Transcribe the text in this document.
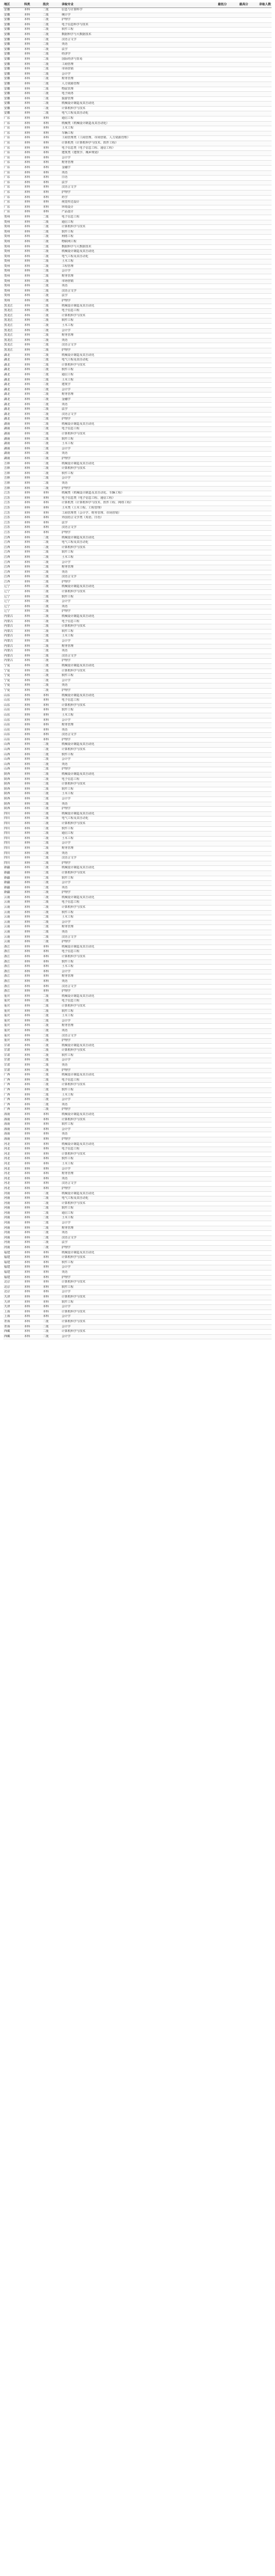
地区	科类	批次	录取专业	最低分	最高分	录取人数
安徽	本科	二批	信息与计算科学			
安徽	本科	二批	统计学			
安徽	本科	二批	护理学			
安徽	本科	二批	电子信息科学与技术			
安徽	本科	二批	软件工程			
安徽	本科	二批	数据科学与大数据技术			
安徽	本科	二批	汉语言文学			
安徽	本科	二批	英语			
安徽	本科	二批	法学			
安徽	本科	二批	经济学			
安徽	本科	二批	国际经济与贸易			
安徽	本科	二批	工商管理			
安徽	本科	二批	市场营销			
安徽	本科	二批	会计学			
安徽	本科	二批	财务管理			
安徽	本科	二批	人力资源管理			
安徽	本科	二批	物流管理			
安徽	本科	二批	电子商务			
安徽	本科	二批	旅游管理			
安徽	本科	二批	机械设计制造及其自动化			
安徽	本科	二批	计算机科学与技术			
安徽	本科	二批	电气工程及其自动化			
广东	本科	本科	通信工程			
广东	本科	本科	机械类（机械设计制造及其自动化）			
广东	本科	本科	土木工程			
广东	本科	本科	车辆工程			
广东	本科	本科	工商管理类（工商管理、市场营销、人力资源管理）			
广东	本科	本科	计算机类（计算机科学与技术、软件工程）			
广东	本科	本科	电子信息类（电子信息工程、通信工程）			
广东	本科	本科	建筑类（建筑学、城乡规划）			
广东	本科	本科	会计学			
广东	本科	本科	财务管理			
广东	本科	本科	金融学			
广东	本科	本科	英语			
广东	本科	本科	日语			
广东	本科	本科	法学			
广东	本科	本科	汉语言文学			
广东	本科	本科	护理学			
广东	本科	本科	药学			
广东	本科	本科	视觉传达设计			
广东	本科	本科	环境设计			
广东	本科	本科	产品设计			
贵州	本科	二批	电子信息工程			
贵州	本科	二批	通信工程			
贵州	本科	二批	计算机科学与技术			
贵州	本科	二批	软件工程			
贵州	本科	二批	网络工程			
贵州	本科	二批	物联网工程			
贵州	本科	二批	数据科学与大数据技术			
贵州	本科	二批	机械设计制造及其自动化			
贵州	本科	二批	电气工程及其自动化			
贵州	本科	二批	土木工程			
贵州	本科	二批	工程管理			
贵州	本科	二批	会计学			
贵州	本科	二批	财务管理			
贵州	本科	二批	市场营销			
贵州	本科	二批	英语			
贵州	本科	二批	汉语言文学			
贵州	本科	二批	法学			
贵州	本科	二批	护理学			
黑龙江	本科	二批	机械设计制造及其自动化			
黑龙江	本科	二批	电子信息工程			
黑龙江	本科	二批	计算机科学与技术			
黑龙江	本科	二批	软件工程			
黑龙江	本科	二批	土木工程			
黑龙江	本科	二批	会计学			
黑龙江	本科	二批	财务管理			
黑龙江	本科	二批	英语			
黑龙江	本科	二批	汉语言文学			
黑龙江	本科	二批	护理学			
湖北	本科	二批	机械设计制造及其自动化			
湖北	本科	二批	电气工程及其自动化			
湖北	本科	二批	计算机科学与技术			
湖北	本科	二批	软件工程			
湖北	本科	二批	通信工程			
湖北	本科	二批	土木工程			
湖北	本科	二批	建筑学			
湖北	本科	二批	会计学			
湖北	本科	二批	财务管理			
湖北	本科	二批	金融学			
湖北	本科	二批	英语			
湖北	本科	二批	法学			
湖北	本科	二批	汉语言文学			
湖北	本科	二批	护理学			
湖南	本科	二批	机械设计制造及其自动化			
湖南	本科	二批	电子信息工程			
湖南	本科	二批	计算机科学与技术			
湖南	本科	二批	软件工程			
湖南	本科	二批	土木工程			
湖南	本科	二批	会计学			
湖南	本科	二批	英语			
湖南	本科	二批	护理学			
吉林	本科	二批	机械设计制造及其自动化			
吉林	本科	二批	计算机科学与技术			
吉林	本科	二批	软件工程			
吉林	本科	二批	会计学			
吉林	本科	二批	英语			
吉林	本科	二批	护理学			
江苏	本科	本科	机械类（机械设计制造及其自动化、车辆工程）			
江苏	本科	本科	电子信息类（电子信息工程、通信工程）			
江苏	本科	本科	计算机类（计算机科学与技术、软件工程、网络工程）			
江苏	本科	本科	土木类（土木工程、工程管理）			
江苏	本科	本科	工商管理类（会计学、财务管理、市场营销）			
江苏	本科	本科	外国语言文学类（英语、日语）			
江苏	本科	本科	法学			
江苏	本科	本科	汉语言文学			
江苏	本科	本科	护理学			
江西	本科	二批	机械设计制造及其自动化			
江西	本科	二批	电气工程及其自动化			
江西	本科	二批	计算机科学与技术			
江西	本科	二批	软件工程			
江西	本科	二批	土木工程			
江西	本科	二批	会计学			
江西	本科	二批	财务管理			
江西	本科	二批	英语			
江西	本科	二批	汉语言文学			
江西	本科	二批	护理学			
辽宁	本科	二批	机械设计制造及其自动化			
辽宁	本科	二批	计算机科学与技术			
辽宁	本科	二批	软件工程			
辽宁	本科	二批	会计学			
辽宁	本科	二批	英语			
辽宁	本科	二批	护理学			
内蒙古	本科	二批	机械设计制造及其自动化			
内蒙古	本科	二批	电子信息工程			
内蒙古	本科	二批	计算机科学与技术			
内蒙古	本科	二批	软件工程			
内蒙古	本科	二批	土木工程			
内蒙古	本科	二批	会计学			
内蒙古	本科	二批	财务管理			
内蒙古	本科	二批	英语			
内蒙古	本科	二批	汉语言文学			
内蒙古	本科	二批	护理学			
宁夏	本科	二批	机械设计制造及其自动化			
宁夏	本科	二批	计算机科学与技术			
宁夏	本科	二批	软件工程			
宁夏	本科	二批	会计学			
宁夏	本科	二批	英语			
宁夏	本科	二批	护理学			
山东	本科	本科	机械设计制造及其自动化			
山东	本科	本科	电子信息工程			
山东	本科	本科	计算机科学与技术			
山东	本科	本科	软件工程			
山东	本科	本科	土木工程			
山东	本科	本科	会计学			
山东	本科	本科	财务管理			
山东	本科	本科	英语			
山东	本科	本科	汉语言文学			
山东	本科	本科	护理学			
山西	本科	二批	机械设计制造及其自动化			
山西	本科	二批	计算机科学与技术			
山西	本科	二批	软件工程			
山西	本科	二批	会计学			
山西	本科	二批	英语			
山西	本科	二批	护理学			
陕西	本科	二批	机械设计制造及其自动化			
陕西	本科	二批	电子信息工程			
陕西	本科	二批	计算机科学与技术			
陕西	本科	二批	软件工程			
陕西	本科	二批	土木工程			
陕西	本科	二批	会计学			
陕西	本科	二批	英语			
陕西	本科	二批	护理学			
四川	本科	二批	机械设计制造及其自动化			
四川	本科	二批	电气工程及其自动化			
四川	本科	二批	计算机科学与技术			
四川	本科	二批	软件工程			
四川	本科	二批	通信工程			
四川	本科	二批	土木工程			
四川	本科	二批	会计学			
四川	本科	二批	财务管理			
四川	本科	二批	英语			
四川	本科	二批	汉语言文学			
四川	本科	二批	护理学			
新疆	本科	二批	机械设计制造及其自动化			
新疆	本科	二批	计算机科学与技术			
新疆	本科	二批	软件工程			
新疆	本科	二批	会计学			
新疆	本科	二批	英语			
新疆	本科	二批	护理学			
云南	本科	二批	机械设计制造及其自动化			
云南	本科	二批	电子信息工程			
云南	本科	二批	计算机科学与技术			
云南	本科	二批	软件工程			
云南	本科	二批	土木工程			
云南	本科	二批	会计学			
云南	本科	二批	财务管理			
云南	本科	二批	英语			
云南	本科	二批	汉语言文学			
云南	本科	二批	护理学			
浙江	本科	本科	机械设计制造及其自动化			
浙江	本科	本科	电子信息工程			
浙江	本科	本科	计算机科学与技术			
浙江	本科	本科	软件工程			
浙江	本科	本科	土木工程			
浙江	本科	本科	会计学			
浙江	本科	本科	财务管理			
浙江	本科	本科	英语			
浙江	本科	本科	汉语言文学			
浙江	本科	本科	护理学			
重庆	本科	二批	机械设计制造及其自动化			
重庆	本科	二批	电子信息工程			
重庆	本科	二批	计算机科学与技术			
重庆	本科	二批	软件工程			
重庆	本科	二批	土木工程			
重庆	本科	二批	会计学			
重庆	本科	二批	财务管理			
重庆	本科	二批	英语			
重庆	本科	二批	汉语言文学			
重庆	本科	二批	护理学			
甘肃	本科	二批	机械设计制造及其自动化			
甘肃	本科	二批	计算机科学与技术			
甘肃	本科	二批	软件工程			
甘肃	本科	二批	会计学			
甘肃	本科	二批	英语			
甘肃	本科	二批	护理学			
广西	本科	二批	机械设计制造及其自动化			
广西	本科	二批	电子信息工程			
广西	本科	二批	计算机科学与技术			
广西	本科	二批	软件工程			
广西	本科	二批	土木工程			
广西	本科	二批	会计学			
广西	本科	二批	英语			
广西	本科	二批	护理学			
海南	本科	本科	机械设计制造及其自动化			
海南	本科	本科	计算机科学与技术			
海南	本科	本科	软件工程			
海南	本科	本科	会计学			
海南	本科	本科	英语			
海南	本科	本科	护理学			
河北	本科	本科	机械设计制造及其自动化			
河北	本科	本科	电子信息工程			
河北	本科	本科	计算机科学与技术			
河北	本科	本科	软件工程			
河北	本科	本科	土木工程			
河北	本科	本科	会计学			
河北	本科	本科	财务管理			
河北	本科	本科	英语			
河北	本科	本科	汉语言文学			
河北	本科	本科	护理学			
河南	本科	二批	机械设计制造及其自动化			
河南	本科	二批	电气工程及其自动化			
河南	本科	二批	计算机科学与技术			
河南	本科	二批	软件工程			
河南	本科	二批	通信工程			
河南	本科	二批	土木工程			
河南	本科	二批	会计学			
河南	本科	二批	财务管理			
河南	本科	二批	英语			
河南	本科	二批	汉语言文学			
河南	本科	二批	法学			
河南	本科	二批	护理学			
福建	本科	本科	机械设计制造及其自动化			
福建	本科	本科	计算机科学与技术			
福建	本科	本科	软件工程			
福建	本科	本科	会计学			
福建	本科	本科	英语			
福建	本科	本科	护理学			
北京	本科	本科	计算机科学与技术			
北京	本科	本科	软件工程			
北京	本科	本科	会计学			
天津	本科	本科	计算机科学与技术			
天津	本科	本科	软件工程			
天津	本科	本科	会计学			
上海	本科	本科	计算机科学与技术			
上海	本科	本科	会计学			
青海	本科	二批	计算机科学与技术			
青海	本科	二批	会计学			
西藏	本科	二批	计算机科学与技术			
西藏	本科	二批	会计学			
